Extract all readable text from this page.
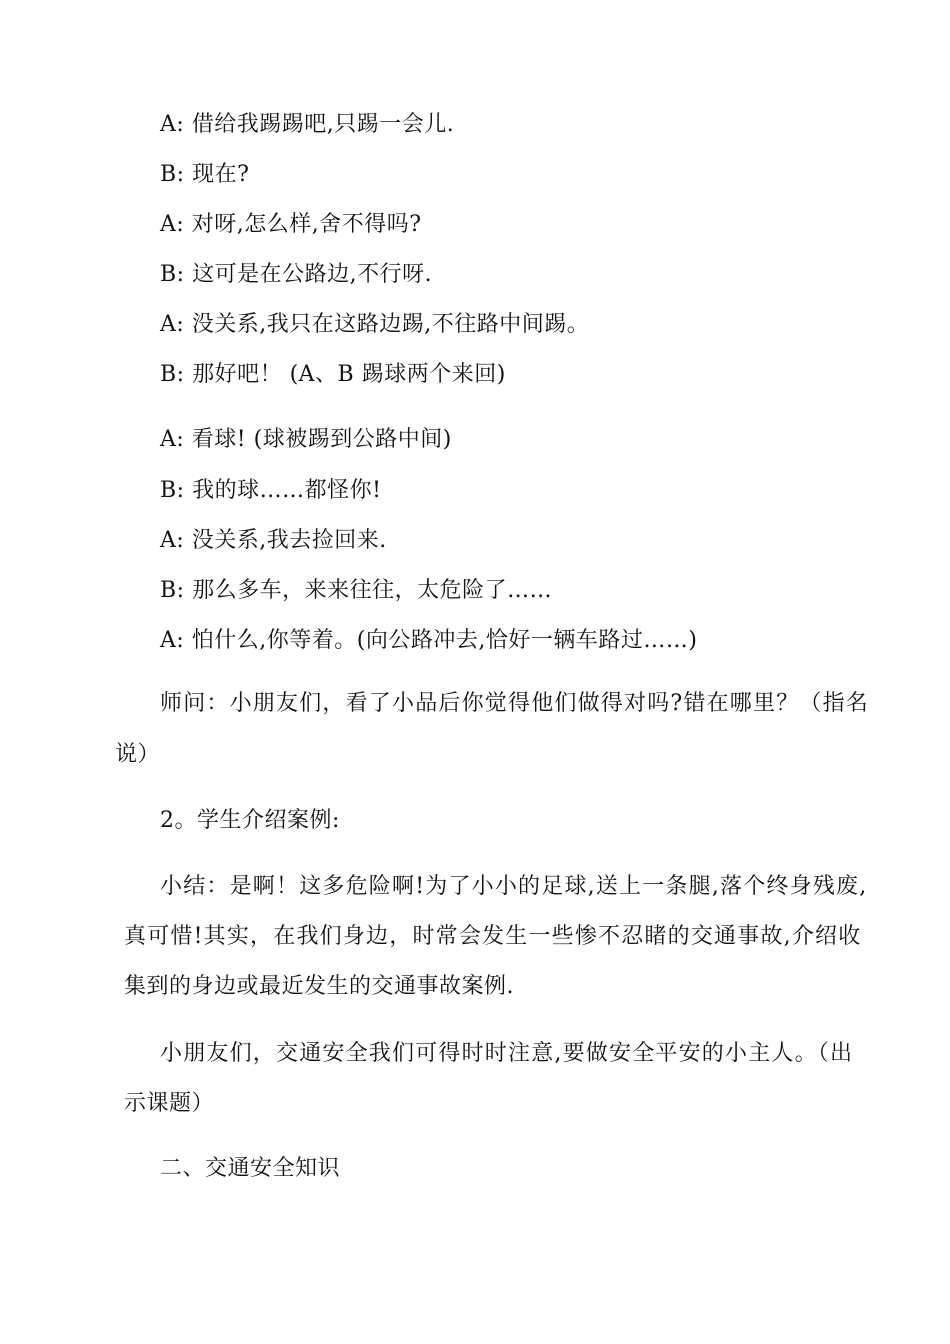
A: 借给我踢踢吧,只踢一会儿.
B: 现在?
A: 对呀,怎么样,舍不得吗?
B: 这可是在公路边,不行呀.
A: 没关系,我只在这路边踢,不往路中间踢。
B: 那好吧！ (A、B 踢球两个来回)
A: 看球! (球被踢到公路中间)
B: 我的球……都怪你!
A: 没关系,我去捡回来.
B: 那么多车，来来往往，太危险了……
A: 怕什么,你等着。(向公路冲去,恰好一辆车路过……)
师问：小朋友们，看了小品后你觉得他们做得对吗?错在哪里？（指名
说）
2。学生介绍案例:
小结：是啊！这多危险啊!为了小小的足球,送上一条腿,落个终身残废,
真可惜!其实，在我们身边，时常会发生一些惨不忍睹的交通事故,介绍收
集到的身边或最近发生的交通事故案例.
小朋友们，交通安全我们可得时时注意,要做安全平安的小主人。（出
示课题）
二、交通安全知识
